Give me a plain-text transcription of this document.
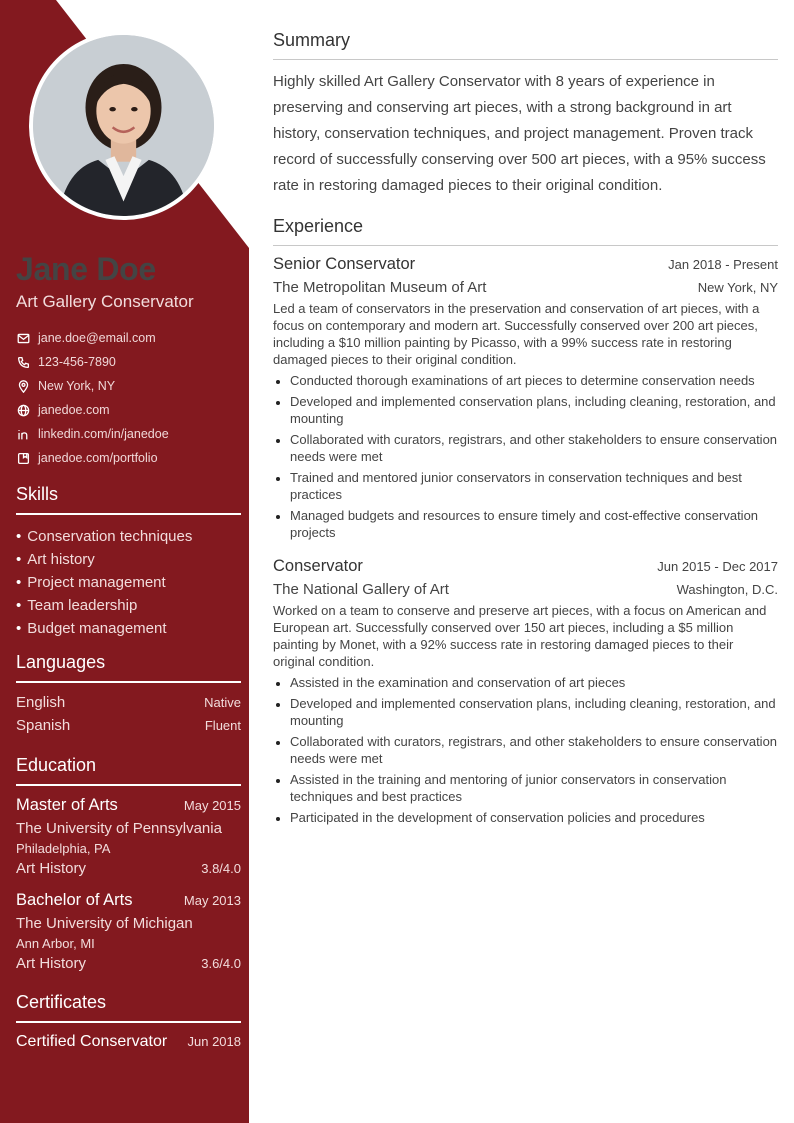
Jane Doe
Art Gallery Conservator
jane.doe@email.com
123-456-7890
New York, NY
janedoe.com
linkedin.com/in/janedoe
janedoe.com/portfolio
Skills
• Conservation techniques
• Art history
• Project management
• Team leadership
• Budget management
Languages
English	Native
Spanish	Fluent
Education
Master of Arts	May 2015
The University of Pennsylvania
Philadelphia, PA
Art History	3.8/4.0
Bachelor of Arts	May 2013
The University of Michigan
Ann Arbor, MI
Art History	3.6/4.0
Certificates
Certified Conservator Jun 2018
Summary

Highly skilled Art Gallery Conservator with 8 years of experience in preserving and conserving art pieces, with a strong background in art history, conservation techniques, and project management. Proven track record of successfully conserving over 500 art pieces, with a 95% success rate in restoring damaged pieces to their original condition.

Experience
Senior Conservator	Jan 2018 - Present
The Metropolitan Museum of Art	New York, NY

Led a team of conservators in the preservation and conservation of art pieces, with a focus on contemporary and modern art. Successfully conserved over 200 art pieces, including a $10 million painting by Picasso, with a 99% success rate in restoring damaged pieces to their original condition.

Conducted thorough examinations of art pieces to determine conservation needs
Developed and implemented conservation plans, including cleaning, restoration, and mounting
Collaborated with curators, registrars, and other stakeholders to ensure conservation needs were met
Trained and mentored junior conservators in conservation techniques and best practices
Managed budgets and resources to ensure timely and cost-effective conservation projects
Conservator	Jun 2015 - Dec 2017
The National Gallery of Art	Washington, D.C.

Worked on a team to conserve and preserve art pieces, with a focus on American and European art. Successfully conserved over 150 art pieces, including a $5 million painting by Monet, with a 92% success rate in restoring damaged pieces to their original condition.

Assisted in the examination and conservation of art pieces
Developed and implemented conservation plans, including cleaning, restoration, and mounting
Collaborated with curators, registrars, and other stakeholders to ensure conservation needs were met
Assisted in the training and mentoring of junior conservators in conservation techniques and best practices
Participated in the development of conservation policies and procedures
